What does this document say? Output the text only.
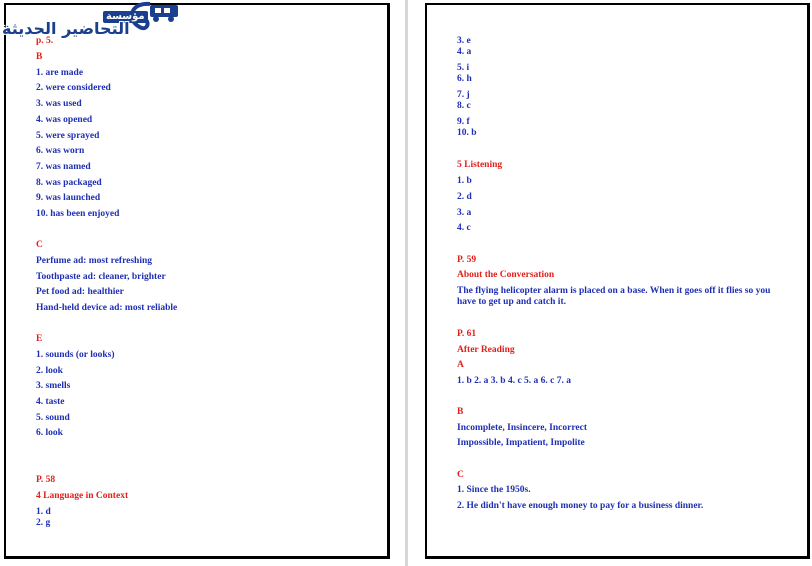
p. 5.
B
1. are made
2. were considered
3. was used
4. was opened
5. were sprayed
6. was worn
7. was named
8. was packaged
9. was launched
10. has been enjoyed
C
Perfume ad: most refreshing
Toothpaste ad: cleaner, brighter
Pet food ad: healthier
Hand-held device ad: most reliable
E
1. sounds (or looks)
2. look
3. smells
4. taste
5. sound
6. look
P. 58
4 Language in Context
1. d
2. g
مؤسسة
التحاضير الحديثة
3. e
4. a
5. i
6. h
7. j
8. c
9. f
10. b
5 Listening
1. b
2. d
3. a
4. c
P. 59
About the Conversation
The flying helicopter alarm is placed on a base. When it goes off it flies so you have to get up and catch it.
P. 61
After Reading
A
1. b 2. a 3. b 4. c 5. a 6. c 7. a
B
Incomplete, Insincere, Incorrect
Impossible, Impatient, Impolite
C
1. Since the 1950s.
2. He didn't have enough money to pay for a business dinner.
